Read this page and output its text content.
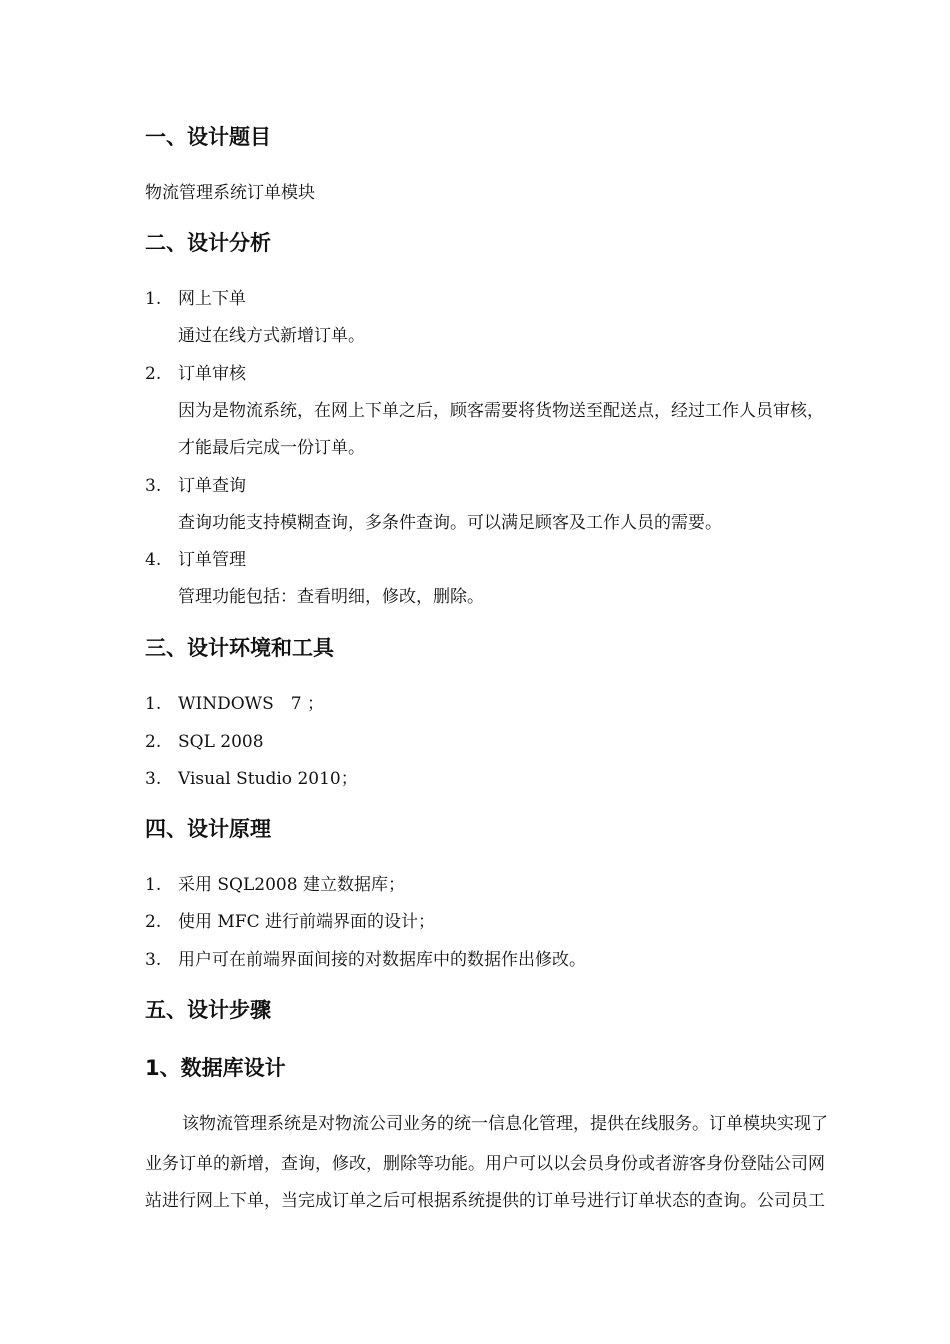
一、设计题目
物流管理系统订单模块
二、设计分析
1. 网上下单
通过在线方式新增订单。
2. 订单审核
因为是物流系统，在网上下单之后，顾客需要将货物送至配送点，经过工作人员审核，
才能最后完成一份订单。
3. 订单查询
查询功能支持模糊查询，多条件查询。可以满足顾客及工作人员的需要。
4. 订单管理
管理功能包括：查看明细，修改，删除。
三、设计环境和工具
1. WINDOWS　7 ；
2. SQL 2008
3. Visual Studio 2010；
四、设计原理
1. 采用 SQL2008 建立数据库；
2. 使用 MFC 进行前端界面的设计；
3. 用户可在前端界面间接的对数据库中的数据作出修改。
五、设计步骤
1、数据库设计
该物流管理系统是对物流公司业务的统一信息化管理，提供在线服务。订单模块实现了
业务订单的新增，查询，修改，删除等功能。用户可以以会员身份或者游客身份登陆公司网
站进行网上下单，当完成订单之后可根据系统提供的订单号进行订单状态的查询。公司员工
